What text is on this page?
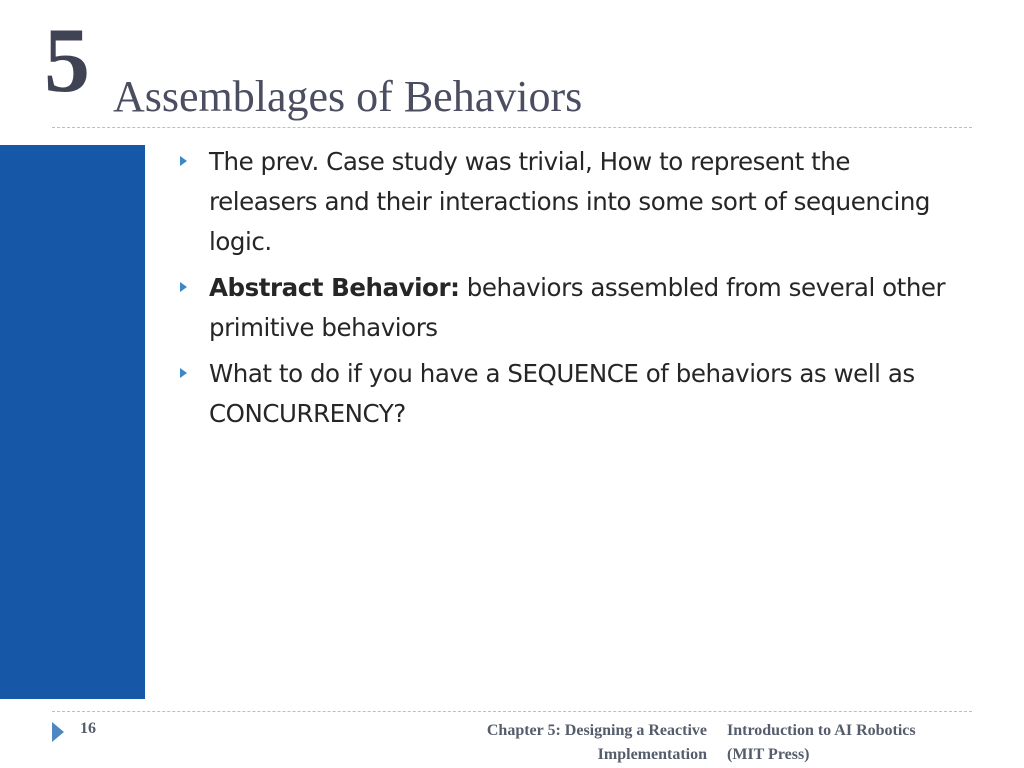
5 Assemblages of Behaviors
The prev. Case study was trivial, How to represent the
releasers and their interactions into some sort of sequencing
logic.
Abstract Behavior: behaviors assembled from several other
primitive behaviors
What to do if you have a SEQUENCE of behaviors as well as
CONCURRENCY?
16	Chapter 5: Designing a Reactive
Implementation
Introduction to AI Robotics
(MIT Press)
